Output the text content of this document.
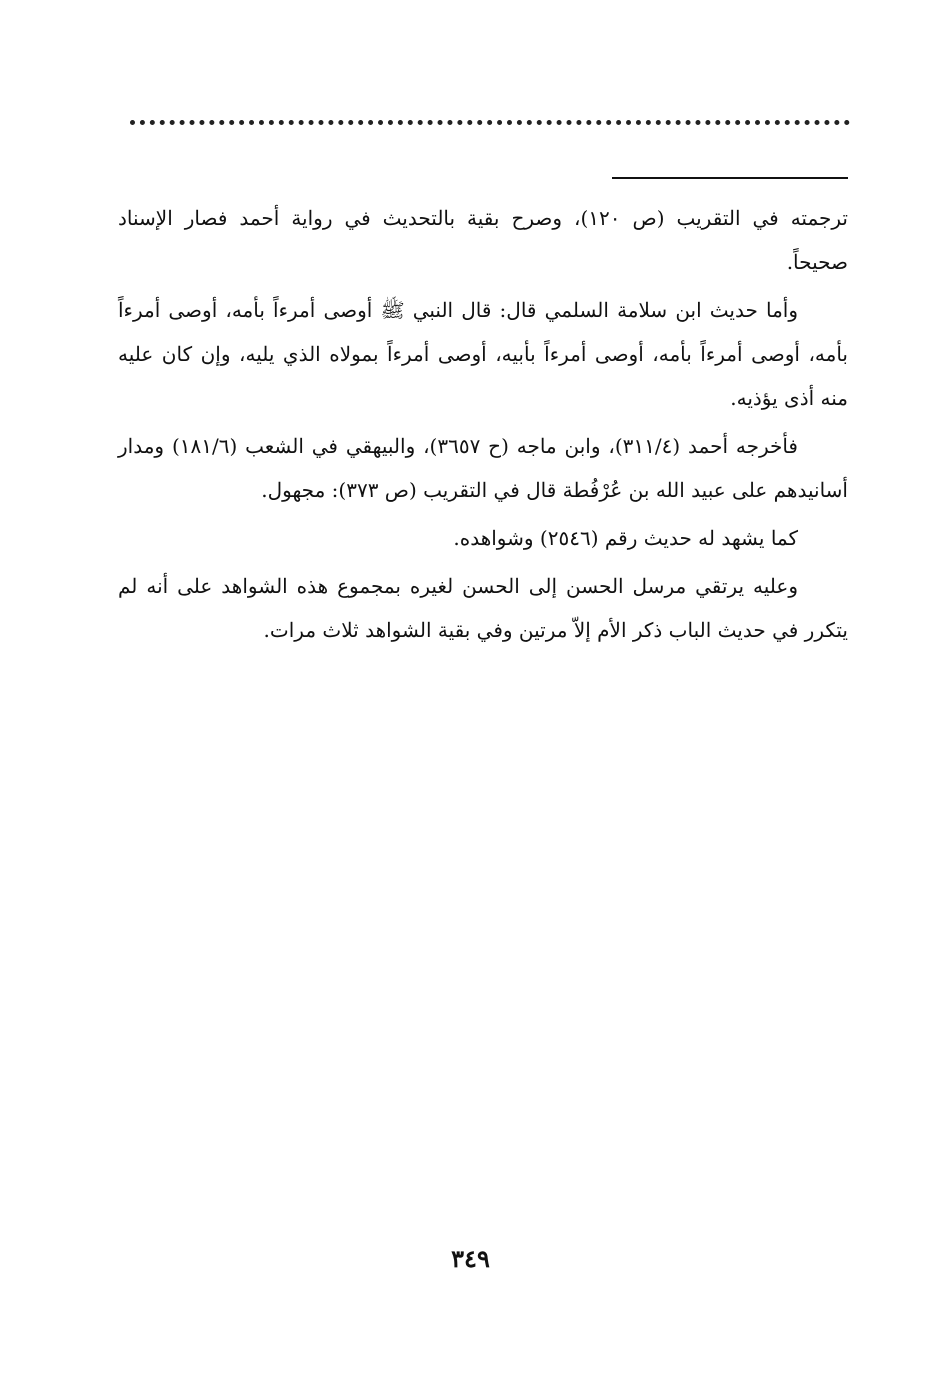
ترجمته في التقريب (ص ١٢٠)، وصرح بقية بالتحديث في رواية أحمد فصار الإسناد صحيحاً.

وأما حديث ابن سلامة السلمي قال: قال النبي ﷺ أوصى أمرءاً بأمه، أوصى أمرءاً بأمه، أوصى أمرءاً بأمه، أوصى أمرءاً بأبيه، أوصى أمرءاً بمولاه الذي يليه، وإن كان عليه منه أذى يؤذيه.

فأخرجه أحمد (٣١١/٤)، وابن ماجه (ح ٣٦٥٧)، والبيهقي في الشعب (١٨١/٦) ومدار أسانيدهم على عبيد الله بن عُرْفُطة قال في التقريب (ص ٣٧٣): مجهول.

كما يشهد له حديث رقم (٢٥٤٦) وشواهده.

وعليه يرتقي مرسل الحسن إلى الحسن لغيره بمجموع هذه الشواهد على أنه لم يتكرر في حديث الباب ذكر الأم إلاّ مرتين وفي بقية الشواهد ثلاث مرات.

٣٤٩
